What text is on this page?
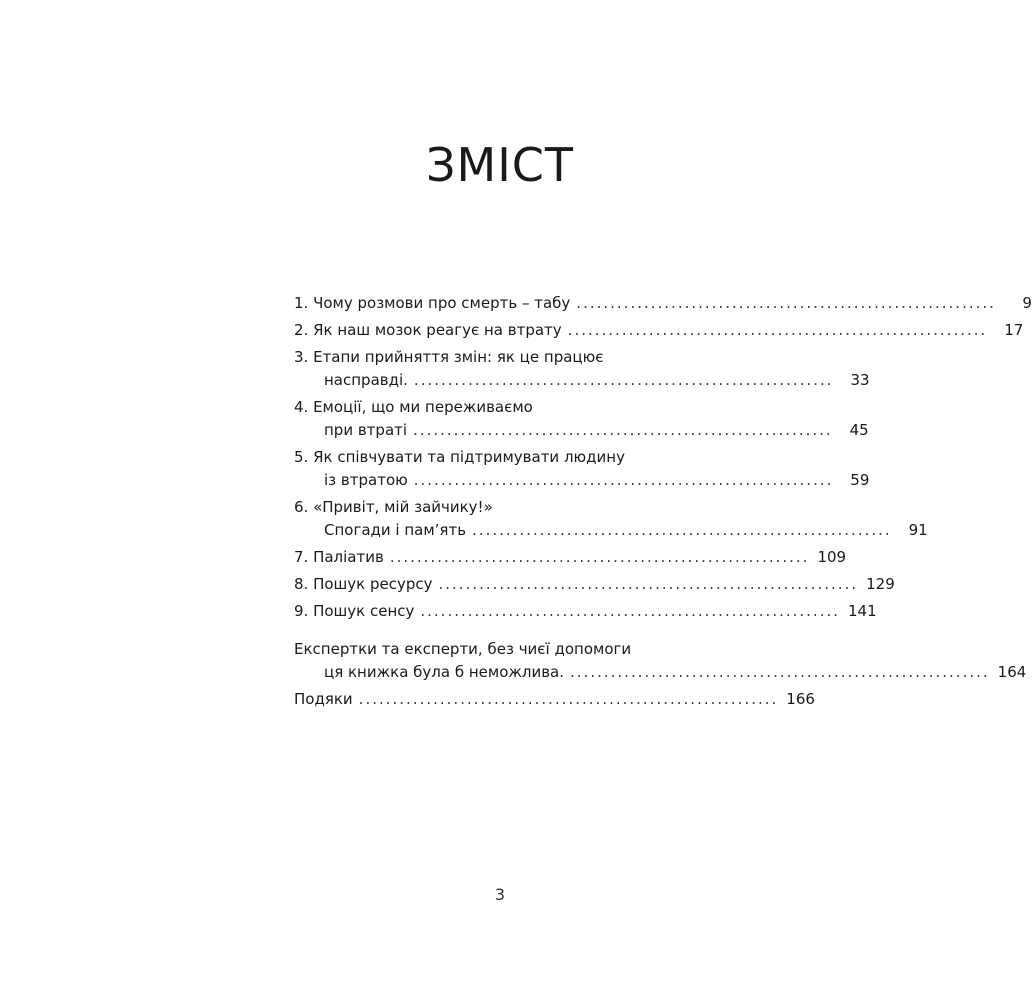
ЗМІСТ
1. Чому розмови про смерть – табу ..............................................................	9
2. Як наш мозок реагує на втрату ..............................................................	17
3. Етапи прийняття змін: як це працює
насправді. ..............................................................	33
4. Емоції, що ми переживаємо
при втраті ..............................................................	45
5. Як співчувати та підтримувати людину
із втратою ..............................................................	59
6. «Привіт, мій зайчику!»
Спогади і пам’ять ..............................................................	91
7. Паліатив .............................................................. 109
8. Пошук ресурсу .............................................................. 129
9. Пошук сенсу .............................................................. 141
Експертки та експерти, без чиєї допомоги
ця книжка була б неможлива. .............................................................. 164
Подяки .............................................................. 166
3
